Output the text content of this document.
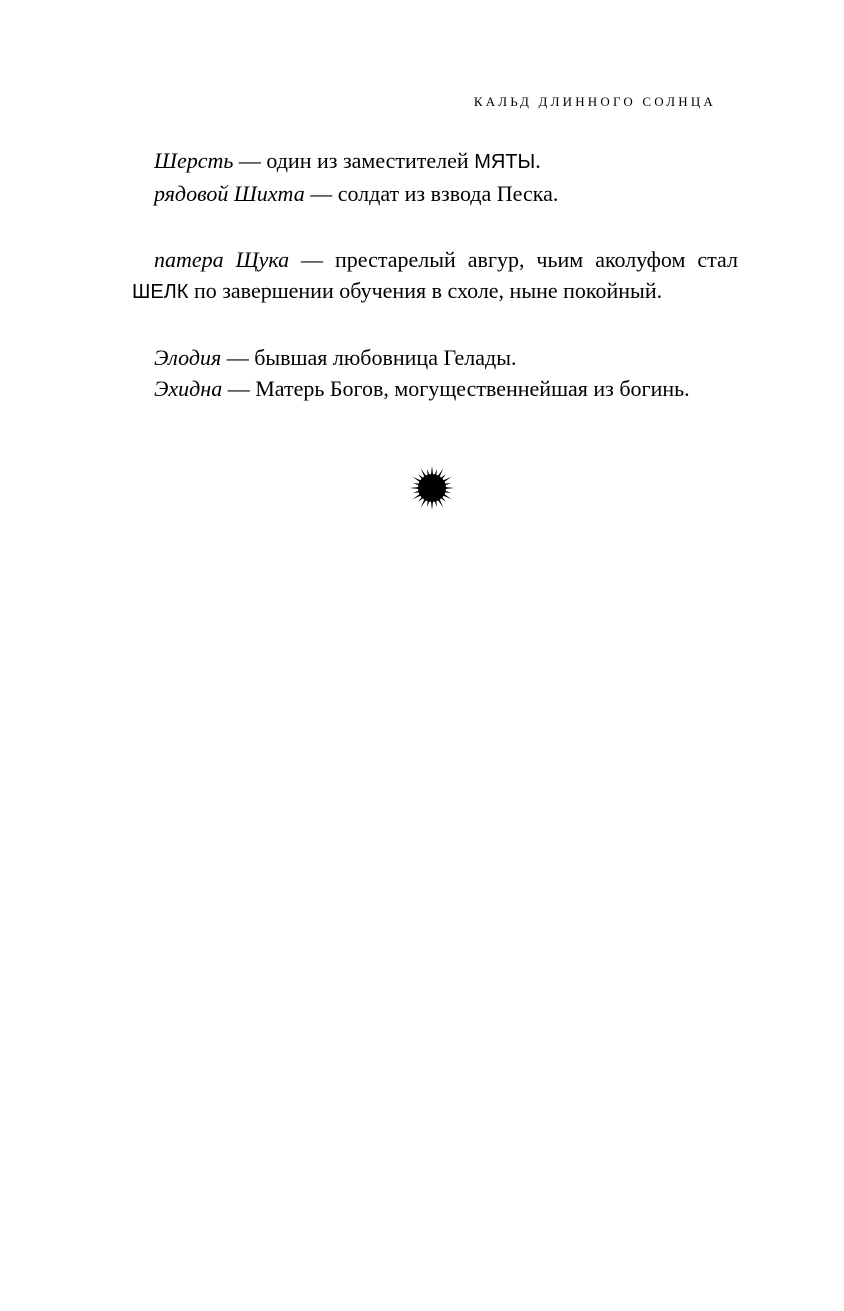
КАЛЬД ДЛИННОГО СОЛНЦА

Шерсть — один из заместителей МЯТЫ.

рядовой Шихта — солдат из взвода Песка.

патера Щука — престарелый авгур, чьим аколуфом стал ШЕЛК по завершении обучения в схоле, ныне покойный.

Элодия — бывшая любовница Гелады.

Эхидна — Матерь Богов, могущественнейшая из богинь.
